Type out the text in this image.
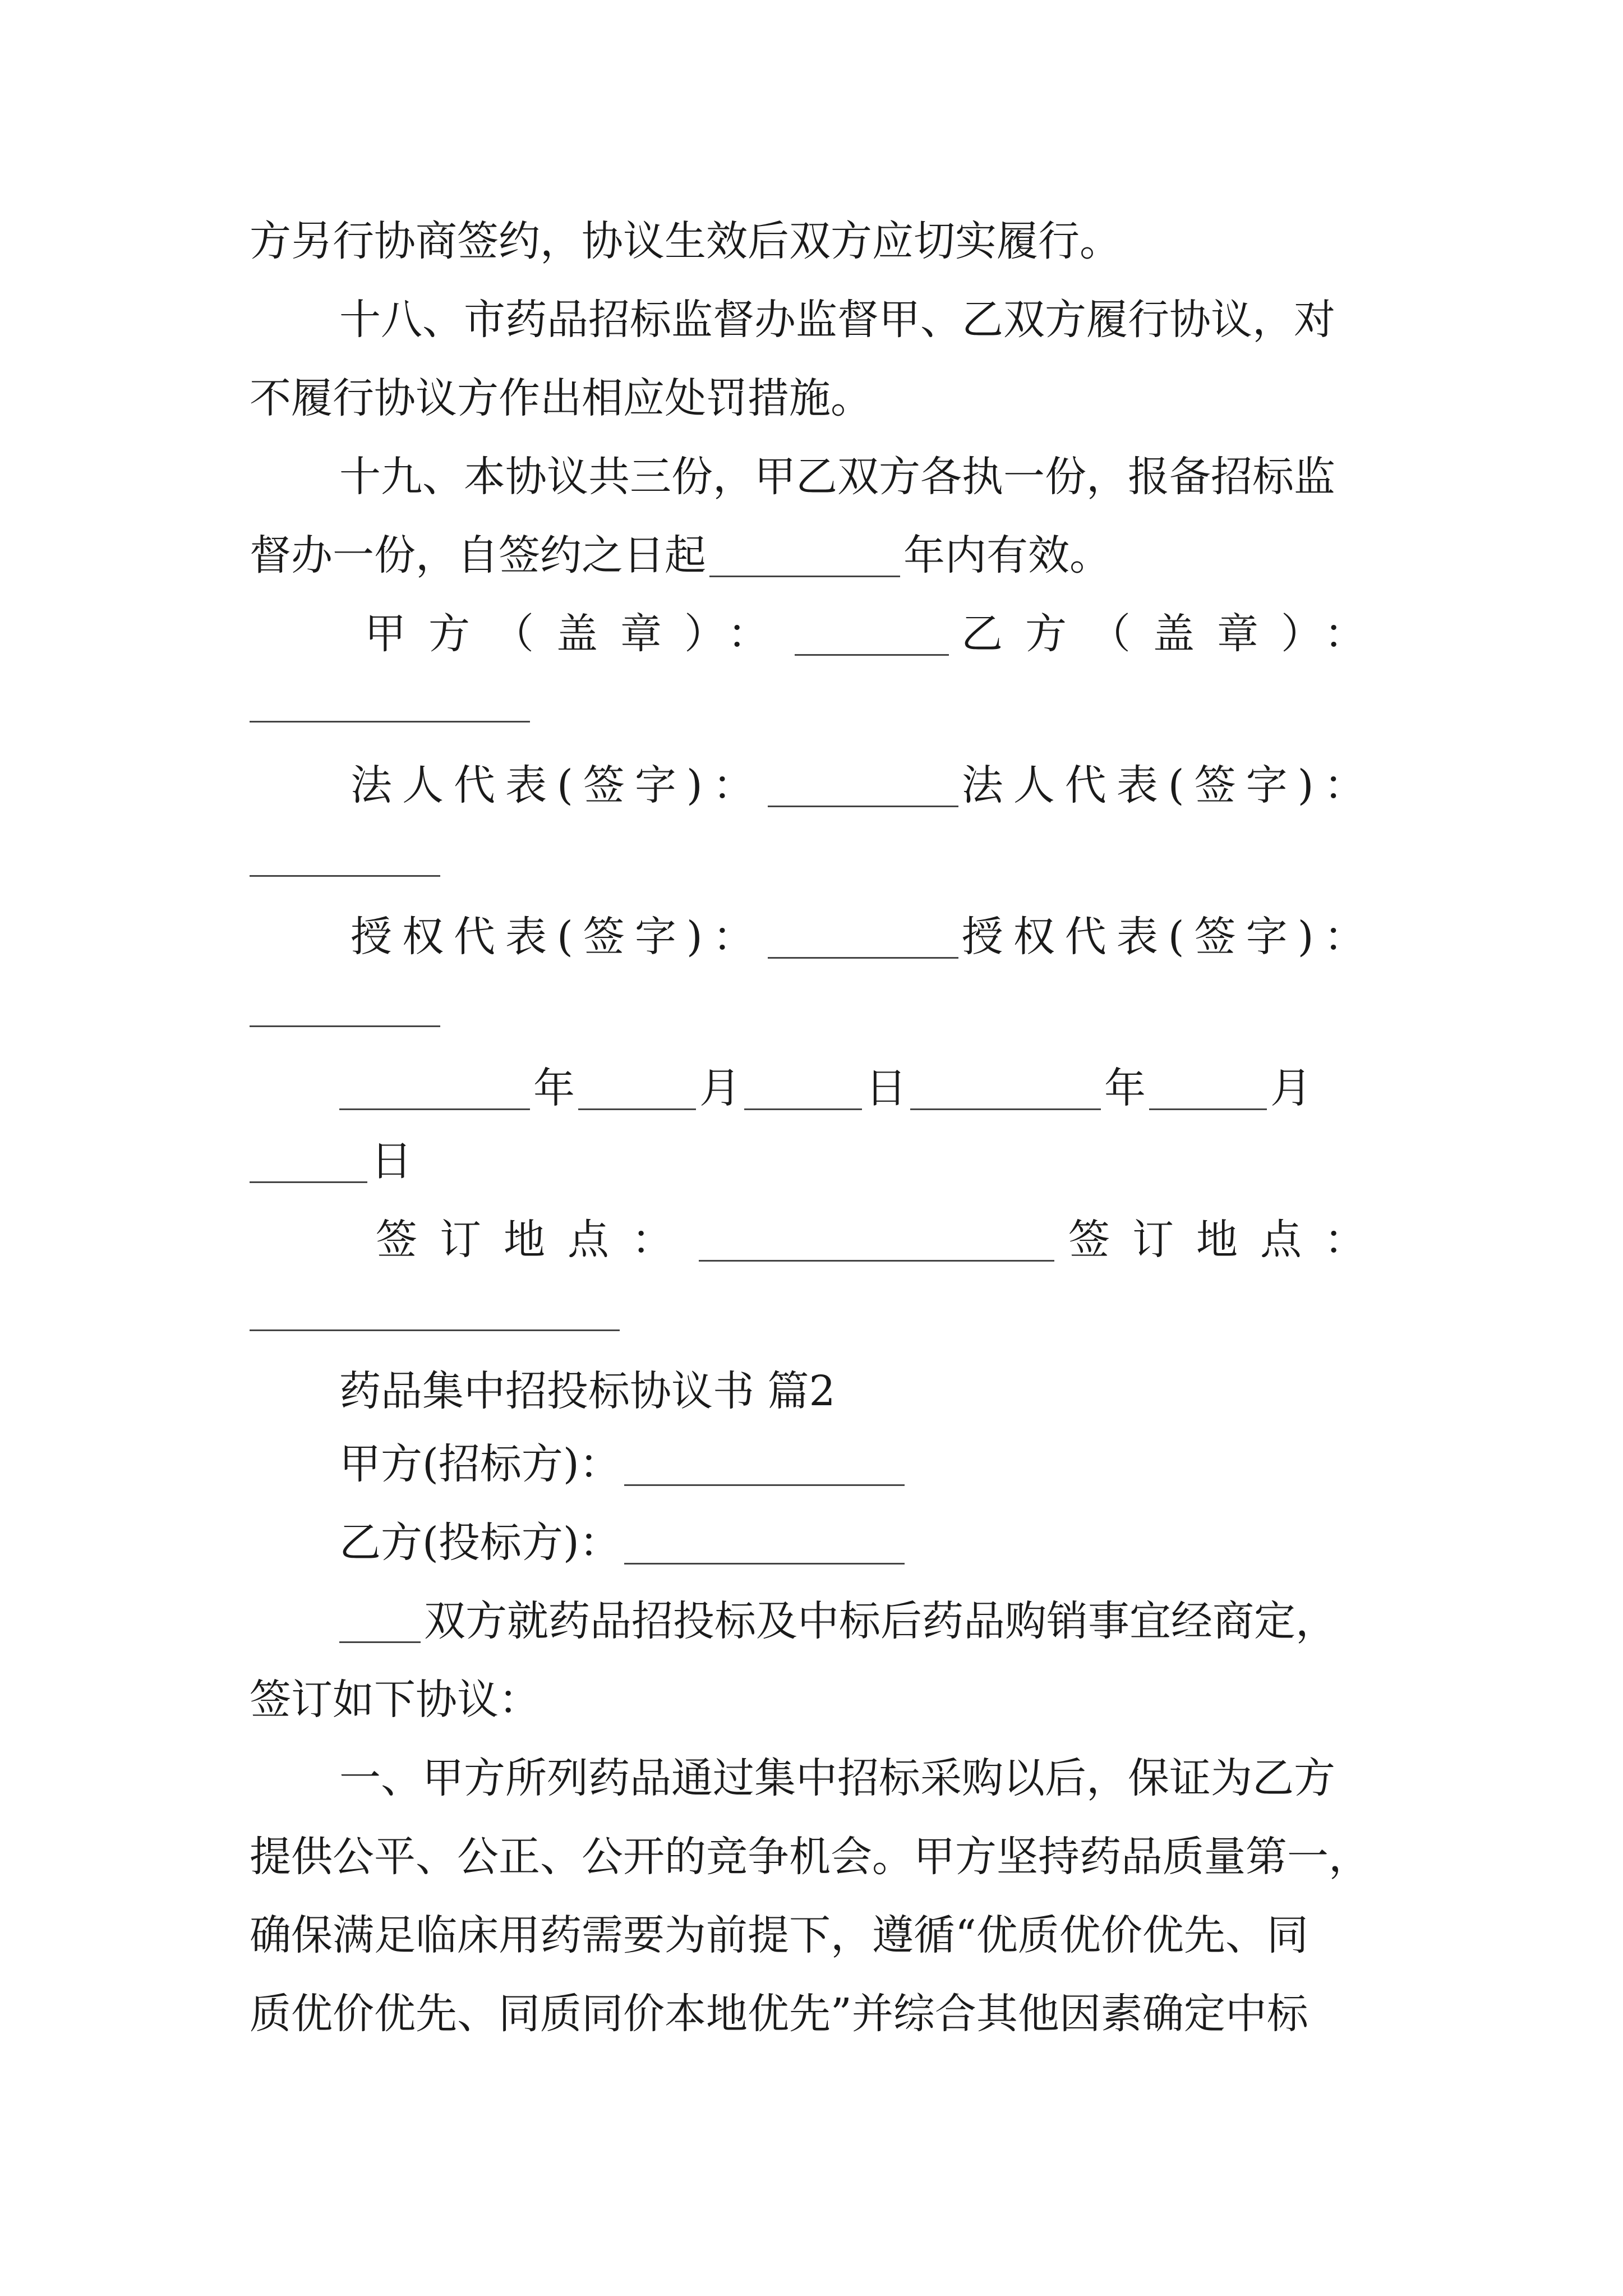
方另行协商签约，协议生效后双方应切实履行。
十八、市药品招标监督办监督甲、乙双方履行协议，对
不履行协议方作出相应处罚措施。
十九、本协议共三份，甲乙双方各执一份，报备招标监
督办一份，自签约之日起	年内有效。
甲方（盖章）：	乙方（盖章）：
法人代表(签字)：	法人代表(签字)：
授权代表(签字)：	授权代表(签字)：
年	月	日	年	月
日
签订地点：	签订地点：
药品集中招投标协议书 篇2
甲方(招标方)：
乙方(投标方)：
双方就药品招投标及中标后药品购销事宜经商定，
签订如下协议：
一、甲方所列药品通过集中招标采购以后，保证为乙方
提供公平、公正、公开的竞争机会。甲方坚持药品质量第一，
确保满足临床用药需要为前提下，遵循“优质优价优先、同
质优价优先、同质同价本地优先”并综合其他因素确定中标
